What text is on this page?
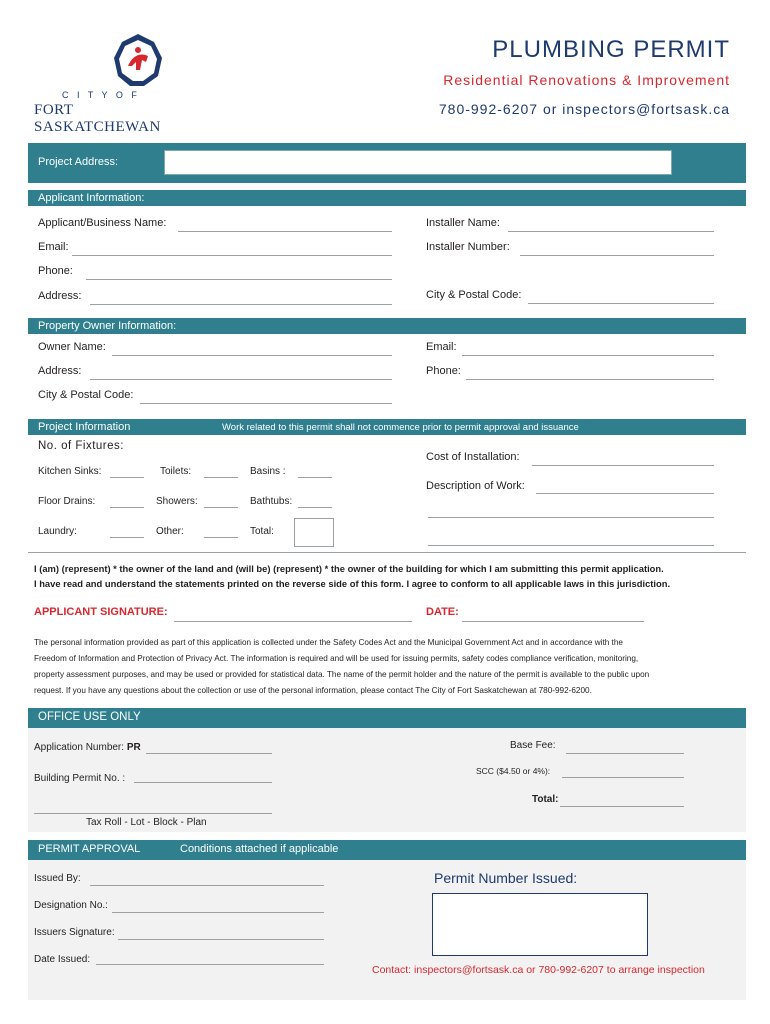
C I T Y O F
FORT SASKATCHEWAN
PLUMBING PERMIT
Residential Renovations & Improvement
780-992-6207 or inspectors@fortsask.ca
Project Address:
Applicant Information:
Applicant/Business Name:
Email:
Phone:
Address:
Installer Name:
Installer Number:
City & Postal Code:
Property Owner Information:
Owner Name:
Address:
City & Postal Code:
Email:
Phone:
Project Information	Work related to this permit shall not commence prior to permit approval and issuance
No. of Fixtures:
Kitchen Sinks:	Toilets:	Basins :
Floor Drains:	Showers:	Bathtubs:
Laundry:	Other:	Total:
Cost of Installation:
Description of Work:
I (am) (represent) * the owner of the land and (will be) (represent) * the owner of the building for which I am submitting this permit application.
I have read and understand the statements printed on the reverse side of this form. I agree to conform to all applicable laws in this jurisdiction.
APPLICANT SIGNATURE:	DATE:
The personal information provided as part of this application is collected under the Safety Codes Act and the Municipal Government Act and in accordance with the
Freedom of Information and Protection of Privacy Act. The information is required and will be used for issuing permits, safety codes compliance verification, monitoring,
property assessment purposes, and may be used or provided for statistical data. The name of the permit holder and the nature of the permit is available to the public upon
request. If you have any questions about the collection or use of the personal information, please contact The City of Fort Saskatchewan at 780-992-6200.
OFFICE USE ONLY
Application Number: PR
Building Permit No. :
Tax Roll - Lot - Block - Plan
Base Fee:
SCC ($4.50 or 4%):
Total:
PERMIT APPROVAL	Conditions attached if applicable
Issued By:
Designation No.:
Issuers Signature:
Date Issued:
Permit Number Issued:
Contact: inspectors@fortsask.ca or 780-992-6207 to arrange inspection
